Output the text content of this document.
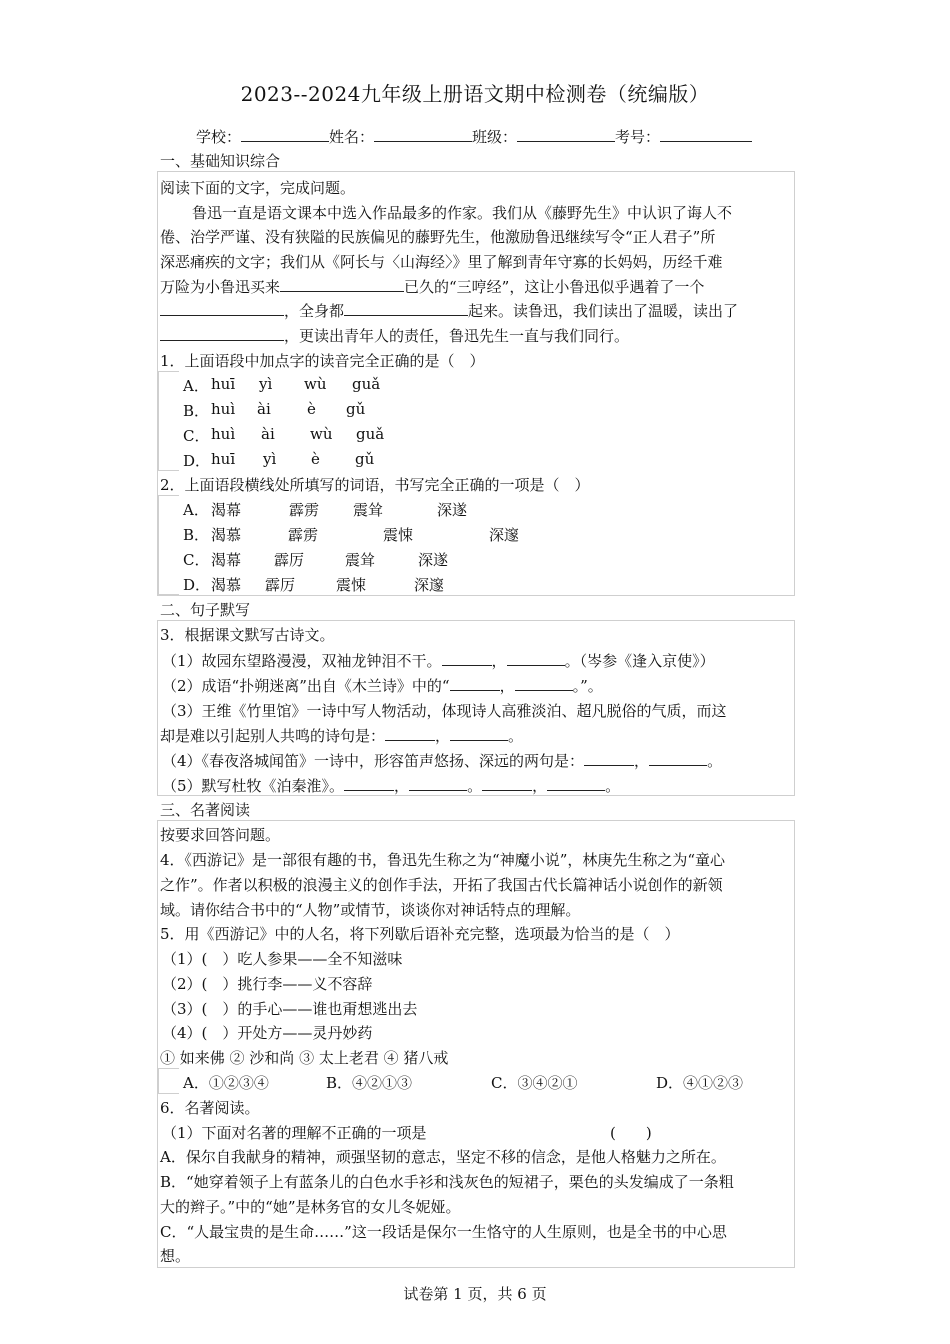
2023--2024九年级上册语文期中检测卷（统编版）
学校：	姓名：	班级：	考号：
一、基础知识综合
阅读下面的文字，完成问题。
鲁迅一直是语文课本中选入作品最多的作家。我们从《藤野先生》中认识了诲人不
倦、治学严谨、没有狭隘的民族偏见的藤野先生，他激励鲁迅继续写令“正人君子”所
深恶痛疾的文字；我们从《阿长与〈山海经〉》里了解到青年守寡的长妈妈，历经千难
万险为小鲁迅买来	已久的“三哼经”，这让小鲁迅似乎遇着了一个
，全身都	起来。读鲁迅，我们读出了温暖，读出了
，更读出青年人的责任，鲁迅先生一直与我们同行。
1．上面语段中加点字的读音完全正确的是（　）
A． huī yì wù guǎ
B． huì ài è gǔ
C． huì ài wù guǎ
D． huī yì è gǔ
2．上面语段横线处所填写的词语，书写完全正确的一项是（　）
A． 渴幕	霹雳 震耸	深遂
B． 渴慕	霹雳	震悚	深邃
C． 渴幕 霹厉	震耸	深遂
D． 渴慕 霹厉	震悚	深邃
二、句子默写
3．根据课文默写古诗文。
（1）故园东望路漫漫，双袖龙钟泪不干。	，	。（岑参《逢入京使》）
（2）成语“扑朔迷离”出自《木兰诗》中的“	，	。”。
（3）王维《竹里馆》一诗中写人物活动，体现诗人高雅淡泊、超凡脱俗的气质，而这
却是难以引起别人共鸣的诗句是：	，	。
（4）《春夜洛城闻笛》一诗中，形容笛声悠扬、深远的两句是：	，	。
（5）默写杜牧《泊秦淮》。	，	。	，	。
三、名著阅读
按要求回答问题。
4．《西游记》是一部很有趣的书，鲁迅先生称之为“神魔小说”，林庚先生称之为“童心
之作”。作者以积极的浪漫主义的创作手法，开拓了我国古代长篇神话小说创作的新领
域。请你结合书中的“人物”或情节，谈谈你对神话特点的理解。
5．用《西游记》中的人名，将下列歇后语补充完整，选项最为恰当的是（　）
（1）(　）吃人参果——全不知滋味
（2）(　）挑行李——义不容辞
（3）(　）的手心——谁也甭想逃出去
（4）(　）开处方——灵丹妙药
① 如来佛 ② 沙和尚 ③ 太上老君 ④ 猪八戒
A．①②③④	B．④②①③	C．③④②①	D．④①②③
6．名著阅读。
（1）下面对名著的理解不正确的一项是	(　　)
A．保尔自我献身的精神，顽强坚韧的意志，坚定不移的信念，是他人格魅力之所在。
B．“她穿着领子上有蓝条儿的白色水手衫和浅灰色的短裙子，栗色的头发编成了一条粗
大的辫子。”中的“她”是林务官的女儿冬妮娅。
C．“人最宝贵的是生命……”这一段话是保尔一生恪守的人生原则，也是全书的中心思
想。
试卷第 1 页，共 6 页
